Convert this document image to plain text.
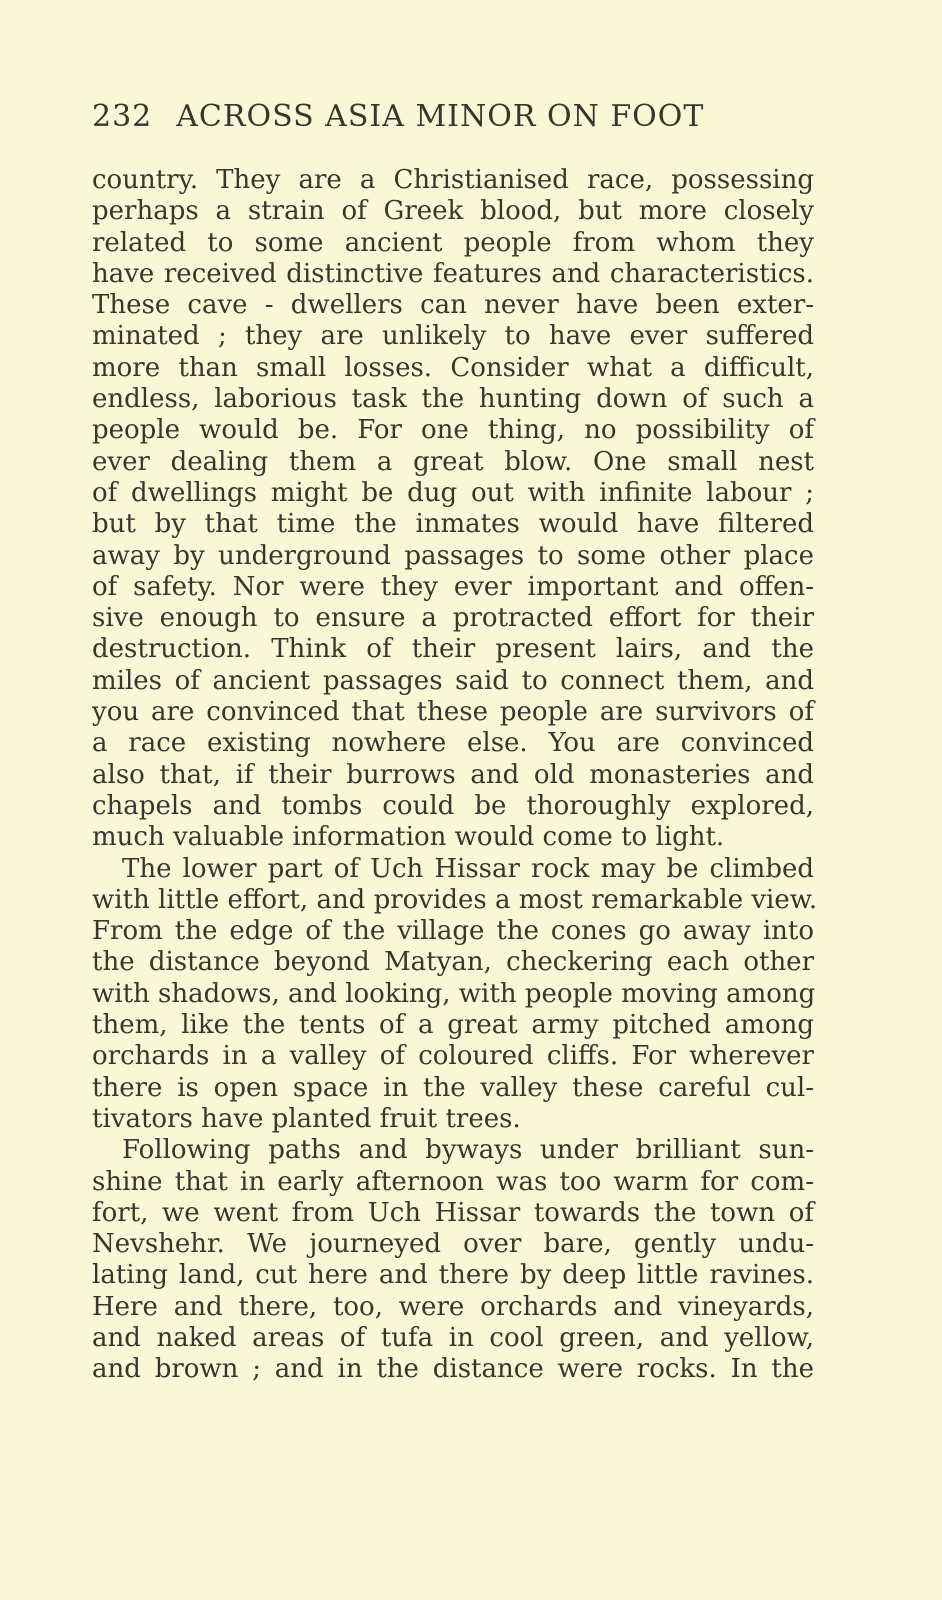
232 ACROSS ASIA MINOR ON FOOT
country. They are a Christianised race, possessing
perhaps a strain of Greek blood, but more closely
related to some ancient people from whom they
have received distinctive features and characteristics.
These cave - dwellers can never have been exter-
minated ; they are unlikely to have ever suffered
more than small losses. Consider what a difficult,
endless, laborious task the hunting down of such a
people would be. For one thing, no possibility of
ever dealing them a great blow. One small nest
of dwellings might be dug out with infinite labour ;
but by that time the inmates would have filtered
away by underground passages to some other place
of safety. Nor were they ever important and offen-
sive enough to ensure a protracted effort for their
destruction. Think of their present lairs, and the
miles of ancient passages said to connect them, and
you are convinced that these people are survivors of
a race existing nowhere else. You are convinced
also that, if their burrows and old monasteries and
chapels and tombs could be thoroughly explored,
much valuable information would come to light.
The lower part of Uch Hissar rock may be climbed
with little effort, and provides a most remarkable view.
From the edge of the village the cones go away into
the distance beyond Matyan, checkering each other
with shadows, and looking, with people moving among
them, like the tents of a great army pitched among
orchards in a valley of coloured cliffs. For wherever
there is open space in the valley these careful cul-
tivators have planted fruit trees.
Following paths and byways under brilliant sun-
shine that in early afternoon was too warm for com-
fort, we went from Uch Hissar towards the town of
Nevshehr. We journeyed over bare, gently undu-
lating land, cut here and there by deep little ravines.
Here and there, too, were orchards and vineyards,
and naked areas of tufa in cool green, and yellow,
and brown ; and in the distance were rocks. In the
